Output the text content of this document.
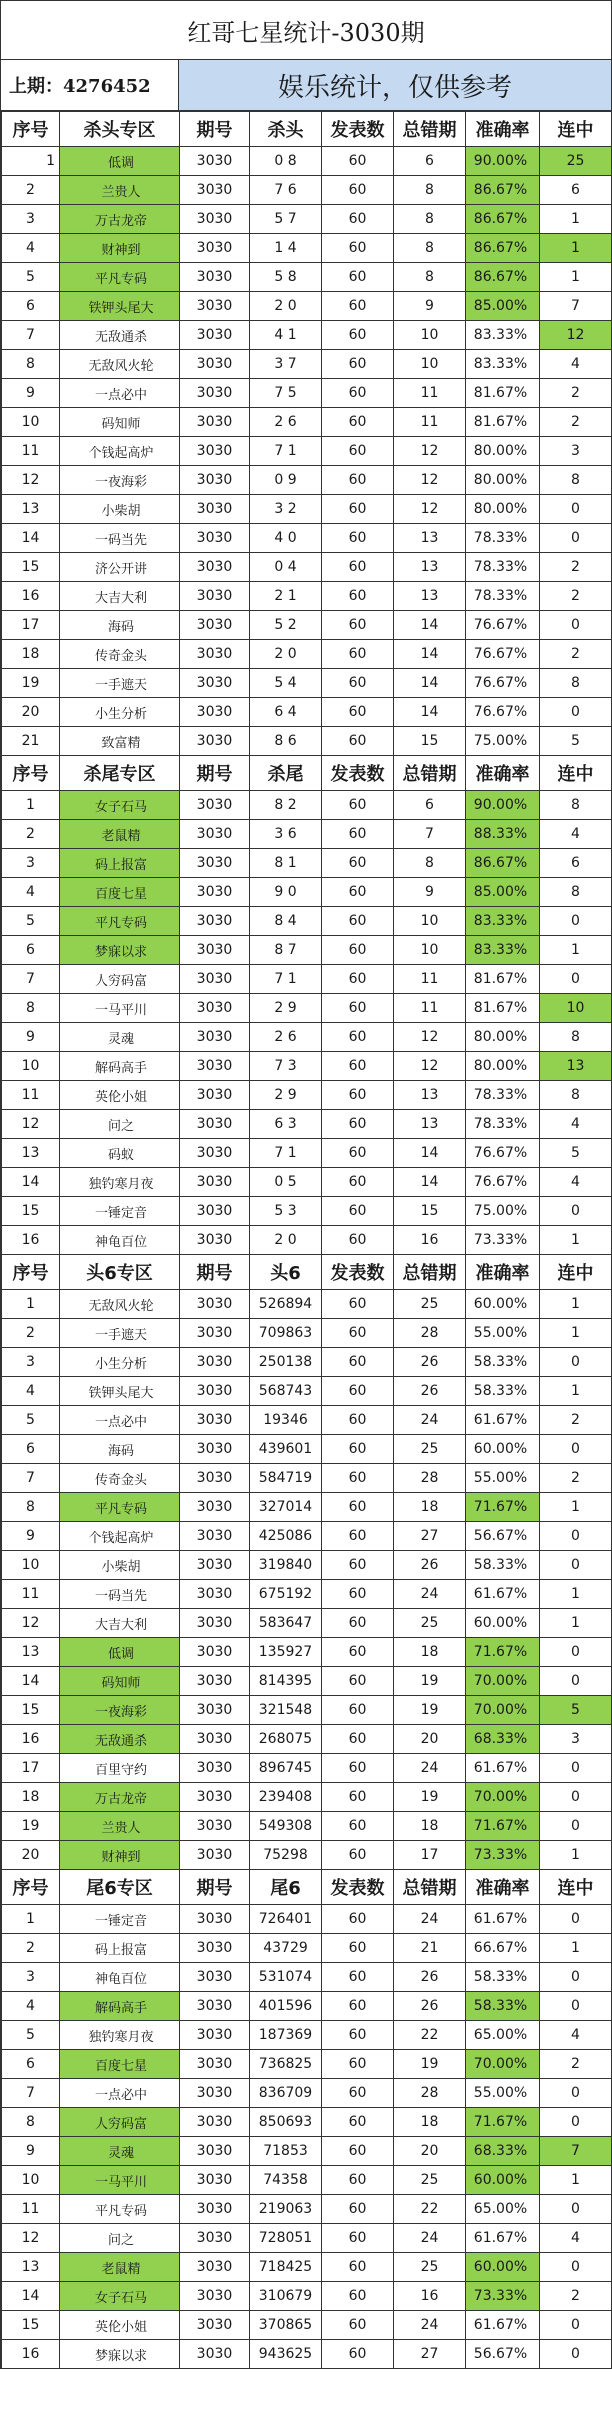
红哥七星统计-3030期
上期：4276452	娱乐统计，仅供参考
序号	杀头专区	期号	杀头	发表数	总错期	准确率	连中
1	低调	3030	0 8	60	6	90.00%	25
2	兰贵人	3030	7 6	60	8	86.67%	6
3	万古龙帝	3030	5 7	60	8	86.67%	1
4	财神到	3030	1 4	60	8	86.67%	1
5	平凡专码	3030	5 8	60	8	86.67%	1
6	铁钾头尾大	3030	2 0	60	9	85.00%	7
7	无敌通杀	3030	4 1	60	10	83.33%	12
8	无敌风火轮	3030	3 7	60	10	83.33%	4
9	一点必中	3030	7 5	60	11	81.67%	2
10	码知师	3030	2 6	60	11	81.67%	2
11	个钱起高炉	3030	7 1	60	12	80.00%	3
12	一夜海彩	3030	0 9	60	12	80.00%	8
13	小柴胡	3030	3 2	60	12	80.00%	0
14	一码当先	3030	4 0	60	13	78.33%	0
15	济公开讲	3030	0 4	60	13	78.33%	2
16	大吉大利	3030	2 1	60	13	78.33%	2
17	海码	3030	5 2	60	14	76.67%	0
18	传奇金头	3030	2 0	60	14	76.67%	2
19	一手遮天	3030	5 4	60	14	76.67%	8
20	小生分析	3030	6 4	60	14	76.67%	0
21	致富精	3030	8 6	60	15	75.00%	5
序号	杀尾专区	期号	杀尾	发表数	总错期	准确率	连中
1	女子石马	3030	8 2	60	6	90.00%	8
2	老鼠精	3030	3 6	60	7	88.33%	4
3	码上报富	3030	8 1	60	8	86.67%	6
4	百度七星	3030	9 0	60	9	85.00%	8
5	平凡专码	3030	8 4	60	10	83.33%	0
6	梦寐以求	3030	8 7	60	10	83.33%	1
7	人穷码富	3030	7 1	60	11	81.67%	0
8	一马平川	3030	2 9	60	11	81.67%	10
9	灵魂	3030	2 6	60	12	80.00%	8
10	解码高手	3030	7 3	60	12	80.00%	13
11	英伦小姐	3030	2 9	60	13	78.33%	8
12	问之	3030	6 3	60	13	78.33%	4
13	码蚁	3030	7 1	60	14	76.67%	5
14	独钓寒月夜	3030	0 5	60	14	76.67%	4
15	一锤定音	3030	5 3	60	15	75.00%	0
16	神龟百位	3030	2 0	60	16	73.33%	1
序号	头6专区	期号	头6	发表数	总错期	准确率	连中
1	无敌风火轮	3030	526894	60	25	60.00%	1
2	一手遮天	3030	709863	60	28	55.00%	1
3	小生分析	3030	250138	60	26	58.33%	0
4	铁钾头尾大	3030	568743	60	26	58.33%	1
5	一点必中	3030	19346	60	24	61.67%	2
6	海码	3030	439601	60	25	60.00%	0
7	传奇金头	3030	584719	60	28	55.00%	2
8	平凡专码	3030	327014	60	18	71.67%	1
9	个钱起高炉	3030	425086	60	27	56.67%	0
10	小柴胡	3030	319840	60	26	58.33%	0
11	一码当先	3030	675192	60	24	61.67%	1
12	大吉大利	3030	583647	60	25	60.00%	1
13	低调	3030	135927	60	18	71.67%	0
14	码知师	3030	814395	60	19	70.00%	0
15	一夜海彩	3030	321548	60	19	70.00%	5
16	无敌通杀	3030	268075	60	20	68.33%	3
17	百里守约	3030	896745	60	24	61.67%	0
18	万古龙帝	3030	239408	60	19	70.00%	0
19	兰贵人	3030	549308	60	18	71.67%	0
20	财神到	3030	75298	60	17	73.33%	1
序号	尾6专区	期号	尾6	发表数	总错期	准确率	连中
1	一锤定音	3030	726401	60	24	61.67%	0
2	码上报富	3030	43729	60	21	66.67%	1
3	神龟百位	3030	531074	60	26	58.33%	0
4	解码高手	3030	401596	60	26	58.33%	0
5	独钓寒月夜	3030	187369	60	22	65.00%	4
6	百度七星	3030	736825	60	19	70.00%	2
7	一点必中	3030	836709	60	28	55.00%	0
8	人穷码富	3030	850693	60	18	71.67%	0
9	灵魂	3030	71853	60	20	68.33%	7
10	一马平川	3030	74358	60	25	60.00%	1
11	平凡专码	3030	219063	60	22	65.00%	0
12	问之	3030	728051	60	24	61.67%	4
13	老鼠精	3030	718425	60	25	60.00%	0
14	女子石马	3030	310679	60	16	73.33%	2
15	英伦小姐	3030	370865	60	24	61.67%	0
16	梦寐以求	3030	943625	60	27	56.67%	0
